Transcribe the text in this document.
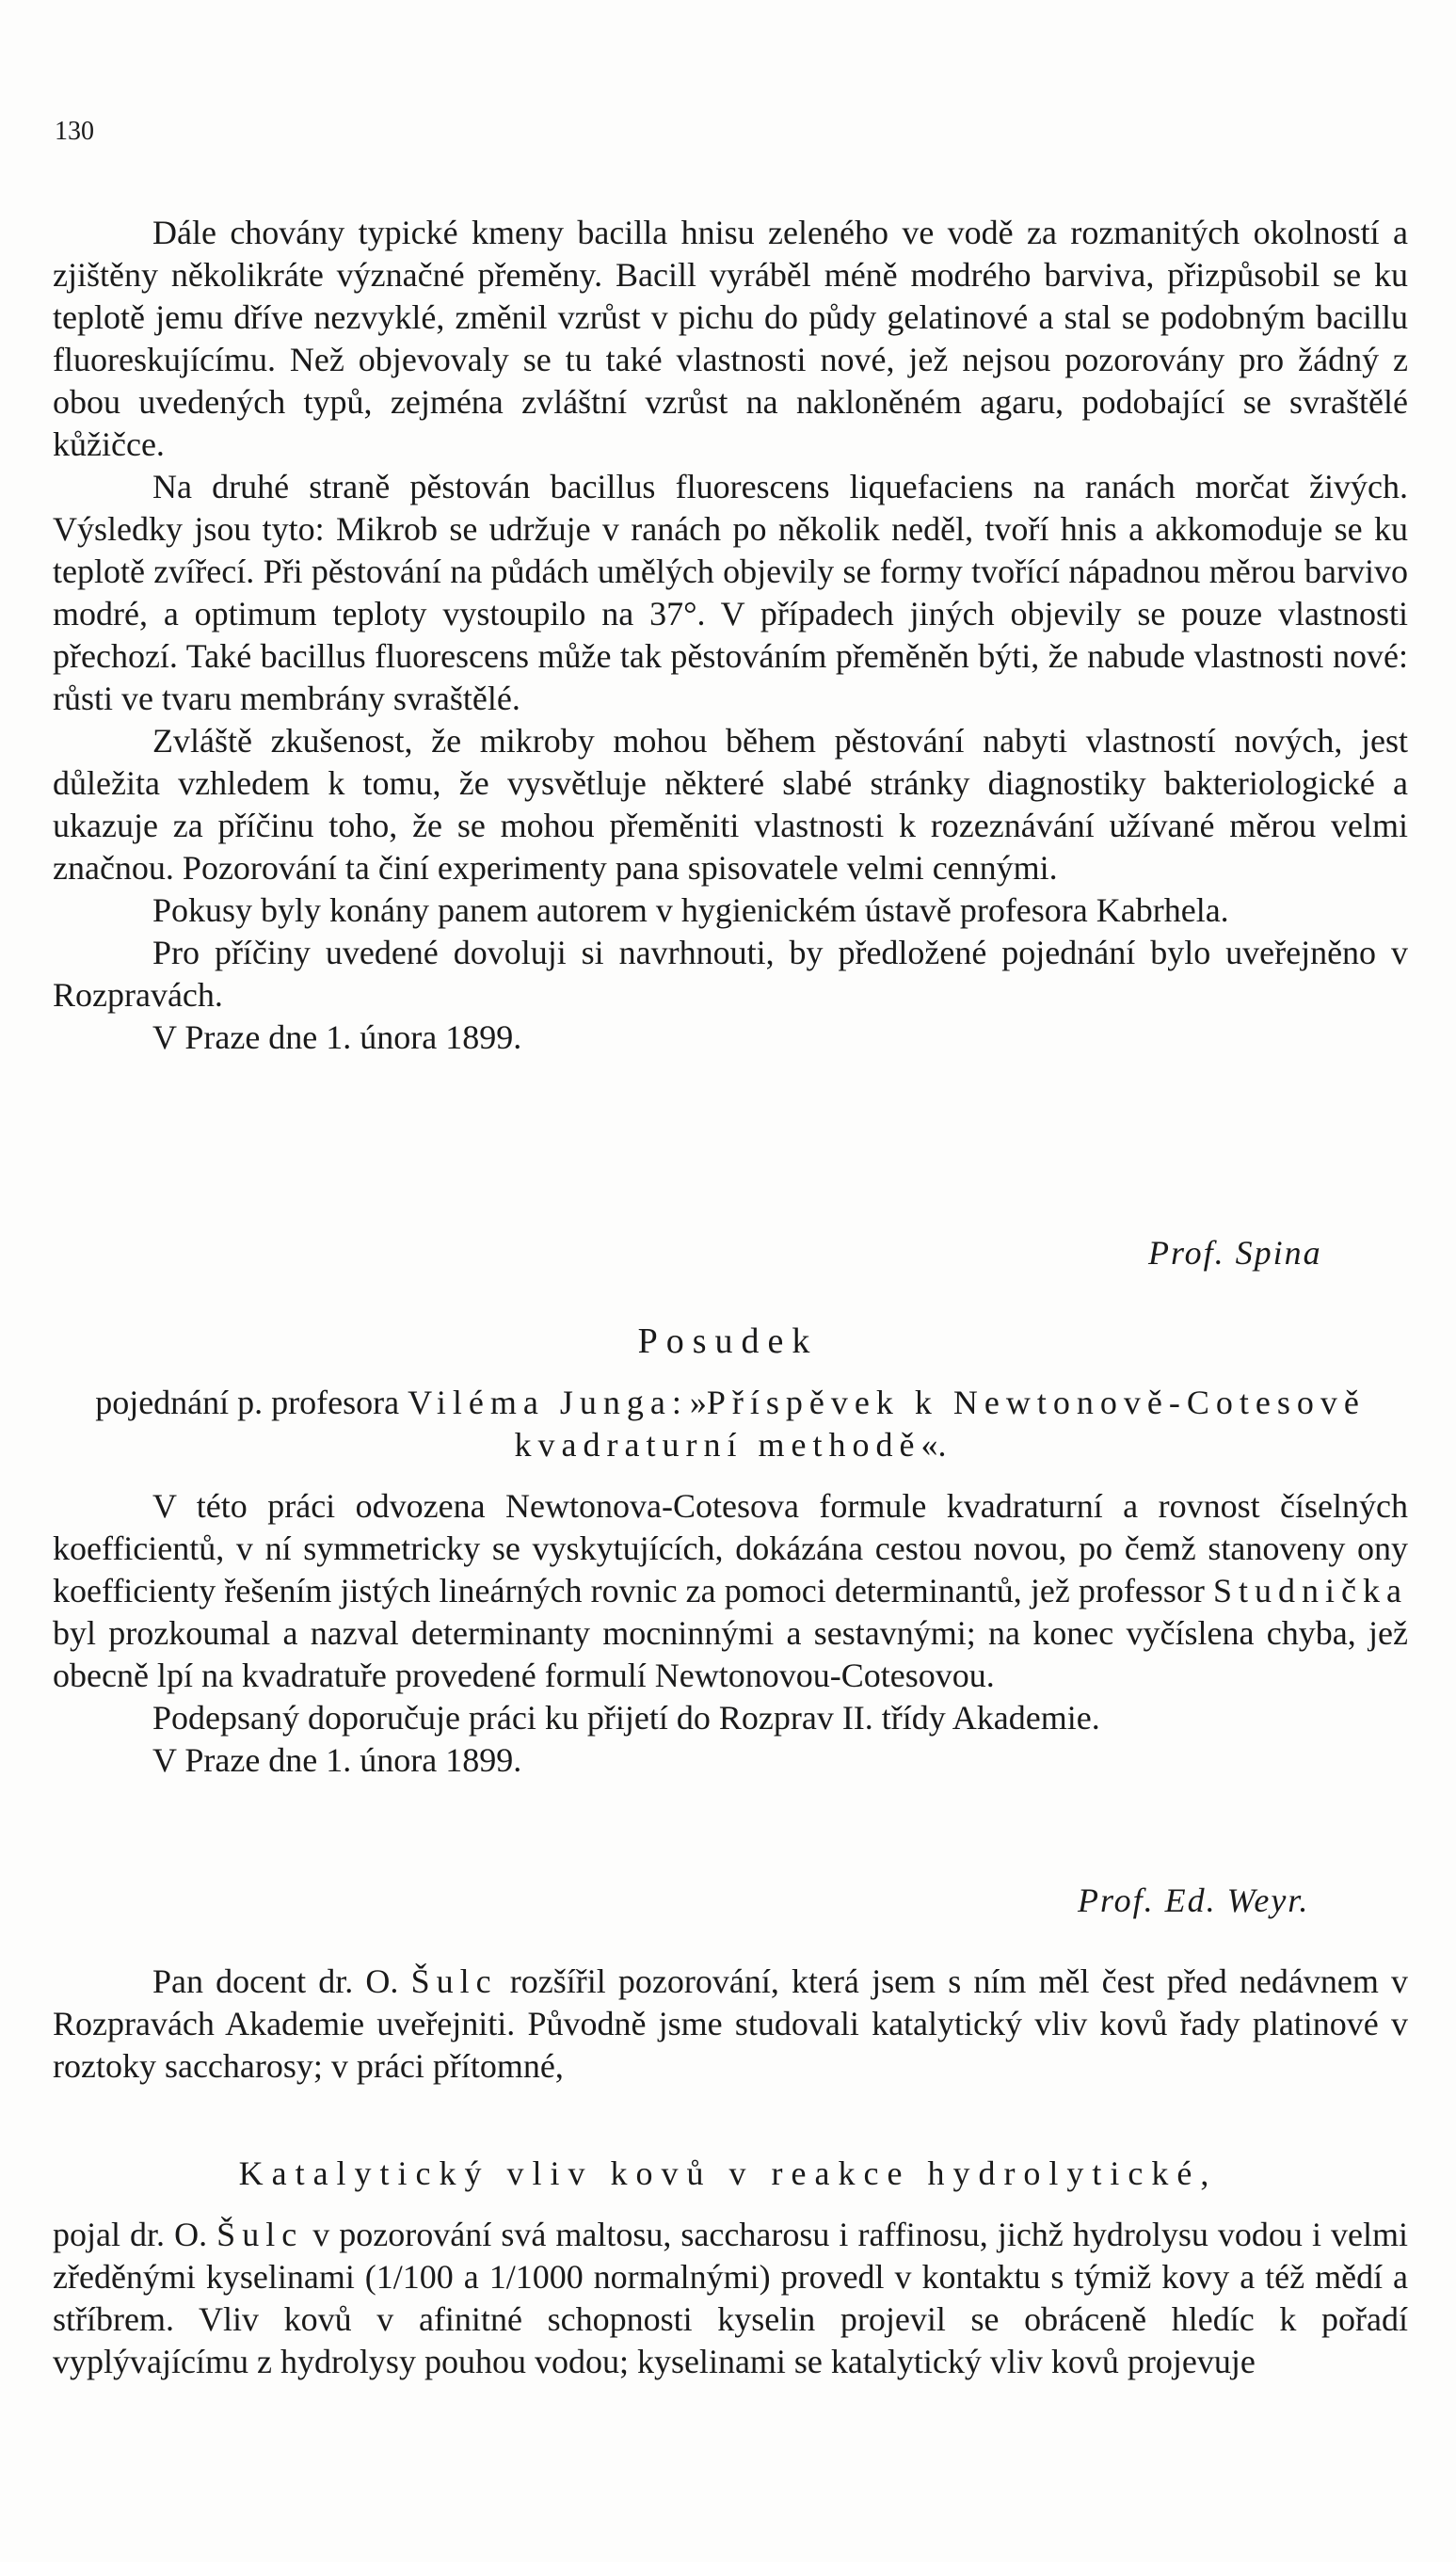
130

Dále chovány typické kmeny bacilla hnisu zeleného ve vodě za rozmanitých okolností a zjištěny několikráte význačné přeměny. Bacill vyráběl méně modrého barviva, přizpůsobil se ku teplotě jemu dříve nezvyklé, změnil vzrůst v pichu do půdy gelatinové a stal se podobným bacillu fluoreskujícímu. Než objevovaly se tu také vlastnosti nové, jež nejsou pozorovány pro žádný z obou uvedených typů, zejména zvláštní vzrůst na nakloněném agaru, podobající se svraštělé kůžičce.

Na druhé straně pěstován bacillus fluorescens liquefaciens na ranách morčat živých. Výsledky jsou tyto: Mikrob se udržuje v ranách po několik neděl, tvoří hnis a akkomoduje se ku teplotě zvířecí. Při pěstování na půdách umělých objevily se formy tvořící nápadnou měrou barvivo modré, a optimum teploty vystoupilo na 37°. V případech jiných objevily se pouze vlastnosti přechozí. Také bacillus fluorescens může tak pěstováním přeměněn býti, že nabude vlastnosti nové: růsti ve tvaru membrány svraštělé.

Zvláště zkušenost, že mikroby mohou během pěstování nabyti vlastností nových, jest důležita vzhledem k tomu, že vysvětluje některé slabé stránky diagnostiky bakteriologické a ukazuje za příčinu toho, že se mohou přeměniti vlastnosti k rozeznávání užívané měrou velmi značnou. Pozorování ta činí experimenty pana spisovatele velmi cennými.

Pokusy byly konány panem autorem v hygienickém ústavě profesora Kabrhela.

Pro příčiny uvedené dovoluji si navrhnouti, by předložené pojednání bylo uveřejněno v Rozpravách.

V Praze dne 1. února 1899.

Prof. Spina
Posudek

pojednání p. profesora Viléma Junga: »Příspěvek k Newtonově-Cotesově kvadraturní methodě«.

V této práci odvozena Newtonova-Cotesova formule kvadraturní a rovnost číselných koefficientů, v ní symmetricky se vyskytujících, dokázána cestou novou, po čemž stanoveny ony koefficienty řešením jistých lineárných rovnic za pomoci determinantů, jež professor Studnička byl prozkoumal a nazval determinanty mocninnými a sestavnými; na konec vyčíslena chyba, jež obecně lpí na kvadratuře provedené formulí Newtonovou-Cotesovou.

Podepsaný doporučuje práci ku přijetí do Rozprav II. třídy Akademie.

V Praze dne 1. února 1899.

Prof. Ed. Weyr.

Pan docent dr. O. Šulc rozšířil pozorování, která jsem s ním měl čest před nedávnem v Rozpravách Akademie uveřejniti. Původně jsme studovali katalytický vliv kovů řady platinové v roztoky saccharosy; v práci přítomné,

Katalytický vliv kovů v reakce hydrolytické,

pojal dr. O. Šulc v pozorování svá maltosu, saccharosu i raffinosu, jichž hydrolysu vodou i velmi zředěnými kyselinami (1/100 a 1/1000 normalnými) provedl v kontaktu s týmiž kovy a též mědí a stříbrem. Vliv kovů v afinitné schopnosti kyselin projevil se obráceně hledíc k pořadí vyplývajícímu z hydrolysy pouhou vodou; kyselinami se katalytický vliv kovů projevuje
